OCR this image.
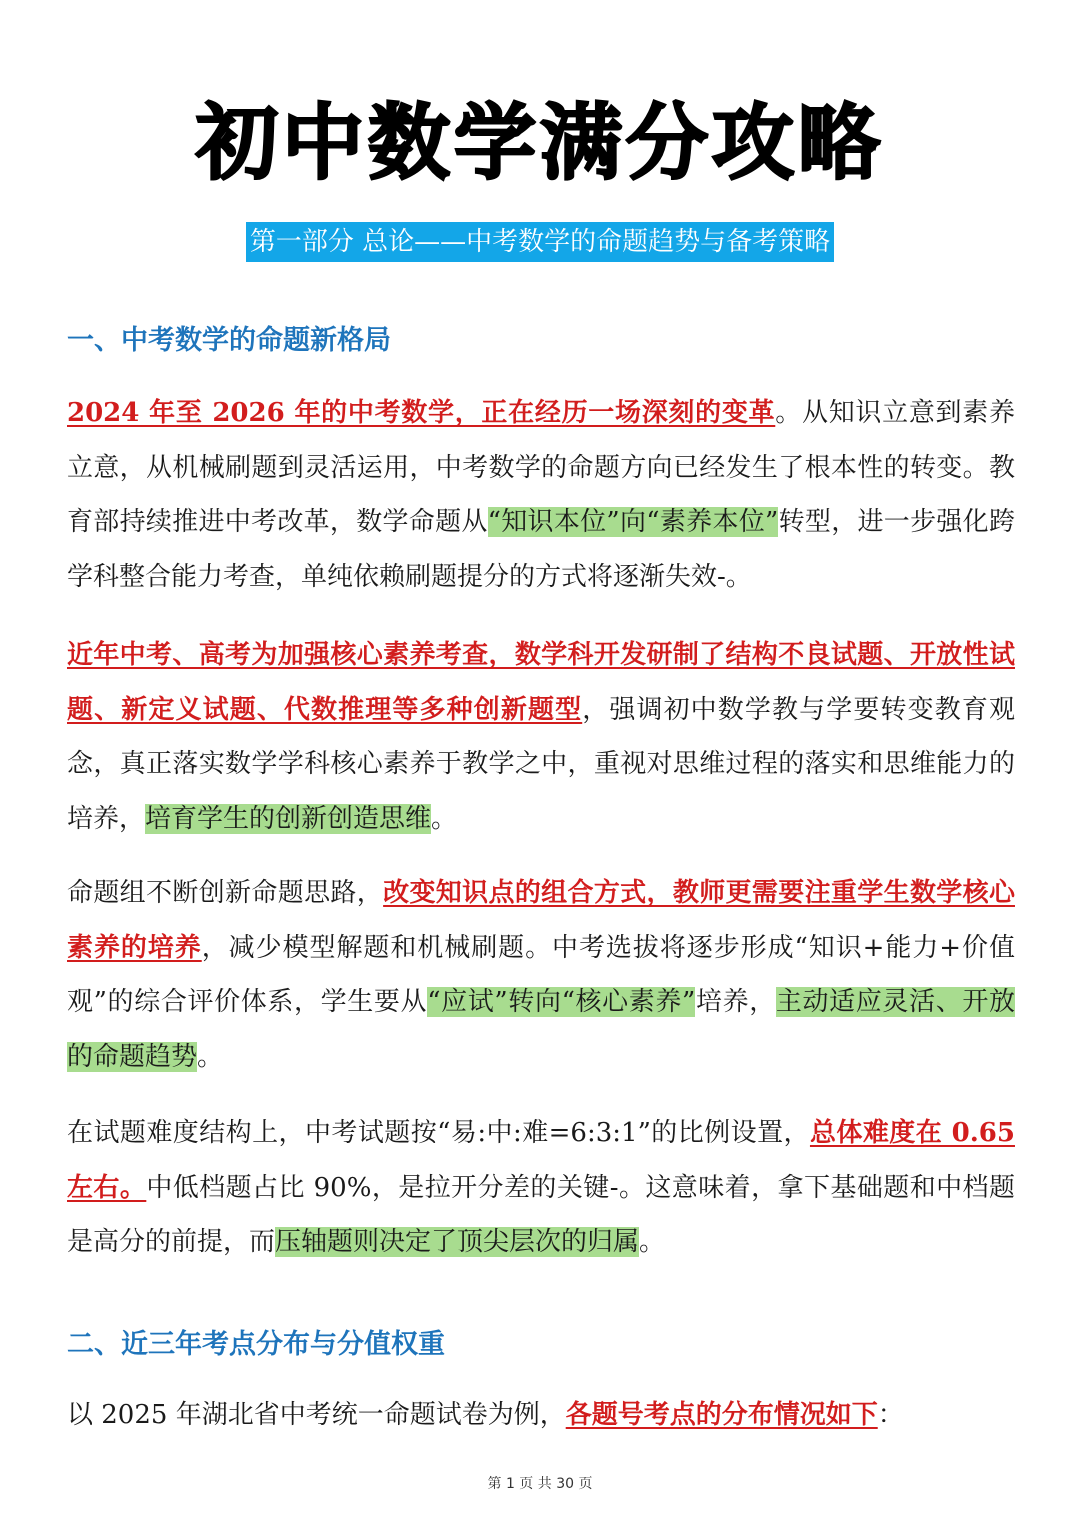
初中数学满分攻略
第一部分 总论——中考数学的命题趋势与备考策略
一、中考数学的命题新格局
2024 年至 2026 年的中考数学，正在经历一场深刻的变革。从知识立意到素养立意，从机械刷题到灵活运用，中考数学的命题方向已经发生了根本性的转变。教育部持续推进中考改革，数学命题从“知识本位”向“素养本位”转型，进一步强化跨学科整合能力考查，单纯依赖刷题提分的方式将逐渐失效-。
近年中考、高考为加强核心素养考查，数学科开发研制了结构不良试题、开放性试题、新定义试题、代数推理等多种创新题型，强调初中数学教与学要转变教育观念，真正落实数学学科核心素养于教学之中，重视对思维过程的落实和思维能力的培养，培育学生的创新创造思维。
命题组不断创新命题思路，改变知识点的组合方式，教师更需要注重学生数学核心素养的培养，减少模型解题和机械刷题。中考选拔将逐步形成“知识+能力+价值观”的综合评价体系，学生要从“应试”转向“核心素养”培养，主动适应灵活、开放的命题趋势。
在试题难度结构上，中考试题按“易:中:难=6:3:1”的比例设置，总体难度在 0.65 左右。中低档题占比 90%，是拉开分差的关键-。这意味着，拿下基础题和中档题是高分的前提，而压轴题则决定了顶尖层次的归属。
二、近三年考点分布与分值权重
以 2025 年湖北省中考统一命题试卷为例，各题号考点的分布情况如下：
第 1 页 共 30 页
